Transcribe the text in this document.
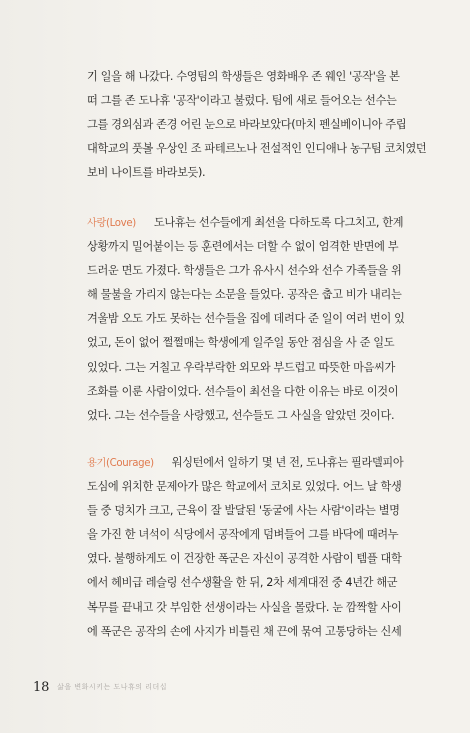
기 일을 해 나갔다. 수영팀의 학생들은 영화배우 존 웨인 '공작'을 본
떠 그를 존 도나휴 '공작'이라고 불렀다. 팀에 새로 들어오는 선수는
그를 경외심과 존경 어린 눈으로 바라보았다(마치 펜실베이니아 주립
대학교의 풋볼 우상인 조 파테르노나 전설적인 인디애나 농구팀 코치였던
보비 나이트를 바라보듯).
사랑(Love) 도나휴는 선수들에게 최선을 다하도록 다그치고, 한계
상황까지 밀어붙이는 등 훈련에서는 더할 수 없이 엄격한 반면에 부
드러운 면도 가졌다. 학생들은 그가 유사시 선수와 선수 가족들을 위
해 물불을 가리지 않는다는 소문을 들었다. 공작은 춥고 비가 내리는
겨울밤 오도 가도 못하는 선수들을 집에 데려다 준 일이 여러 번이 있
었고, 돈이 없어 쩔쩔매는 학생에게 일주일 동안 점심을 사 준 일도
있었다. 그는 거칠고 우락부락한 외모와 부드럽고 따뜻한 마음씨가
조화를 이룬 사람이었다. 선수들이 최선을 다한 이유는 바로 이것이
었다. 그는 선수들을 사랑했고, 선수들도 그 사실을 알았던 것이다.
용기(Courage) 워싱턴에서 일하기 몇 년 전, 도나휴는 필라델피아
도심에 위치한 문제아가 많은 학교에서 코치로 있었다. 어느 날 학생
들 중 덩치가 크고, 근육이 잘 발달된 '동굴에 사는 사람'이라는 별명
을 가진 한 녀석이 식당에서 공작에게 덤벼들어 그를 바닥에 때려누
였다. 불행하게도 이 건장한 폭군은 자신이 공격한 사람이 템플 대학
에서 헤비급 레슬링 선수생활을 한 뒤, 2차 세계대전 중 4년간 해군
복무를 끝내고 갓 부임한 선생이라는 사실을 몰랐다. 눈 깜짝할 사이
에 폭군은 공작의 손에 사지가 비틀린 채 끈에 묶여 고통당하는 신세
18 삶을 변화시키는 도나휴의 리더십
